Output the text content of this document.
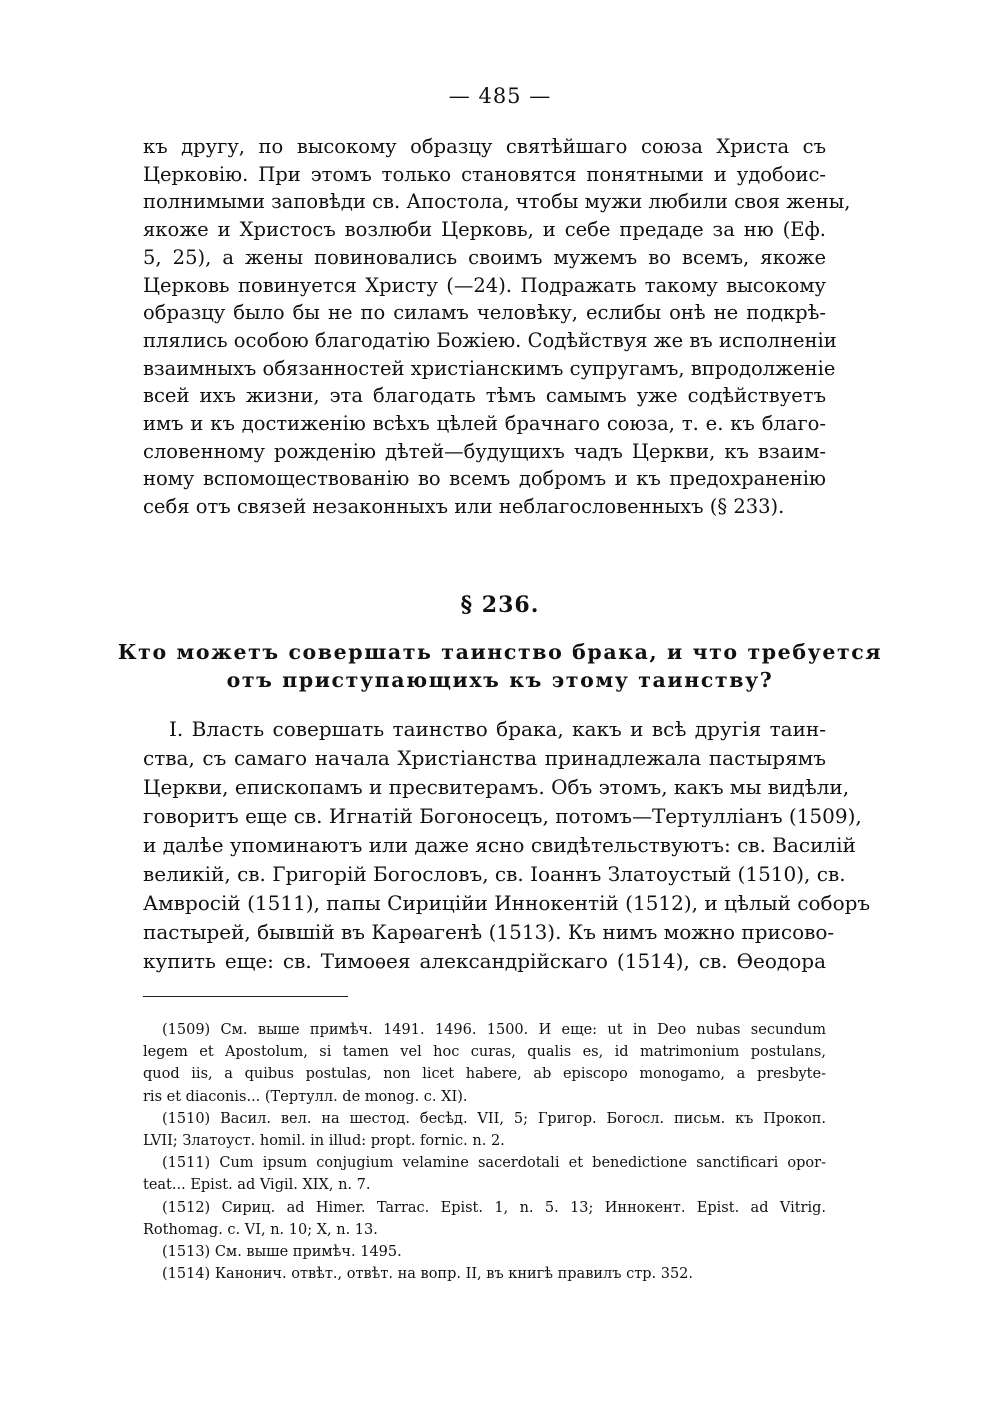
— 485 —
къ другу, по высокому образцу святѣйшаго союза Христа съ
Церковію. При этомъ только становятся понятными и удобоис-
полнимыми заповѣди св. Апостола, чтобы мужи любили своя жены,
якоже и Христосъ возлюби Церковь, и себе предаде за ню (Еф.
5, 25), а жены повиновались своимъ мужемъ во всемъ, якоже
Церковь повинуется Христу (—24). Подражать такому высокому
образцу было бы не по силамъ человѣку, еслибы онѣ не подкрѣ-
плялись особою благодатію Божіею. Содѣйствуя же въ исполненіи
взаимныхъ обязанностей христіанскимъ супругамъ, впродолженіе
всей ихъ жизни, эта благодать тѣмъ самымъ уже содѣйствуетъ
имъ и къ достиженію всѣхъ цѣлей брачнаго союза, т. е. къ благо-
словенному рожденію дѣтей—будущихъ чадъ Церкви, къ взаим-
ному вспомоществованію во всемъ добромъ и къ предохраненію
себя отъ связей незаконныхъ или неблагословенныхъ (§ 233).
§ 236.
Кто можетъ совершать таинство брака, и что требуется
отъ приступающихъ къ этому таинству?
I. Власть совершать таинство брака, какъ и всѣ другія таин-
ства, съ самаго начала Христіанства принадлежала пастырямъ
Церкви, епископамъ и пресвитерамъ. Объ этомъ, какъ мы видѣли,
говоритъ еще св. Игнатій Богоносецъ, потомъ—Тертулліанъ (1509),
и далѣе упоминаютъ или даже ясно свидѣтельствуютъ: св. Василій
великій, св. Григорій Богословъ, св. Іоаннъ Златоустый (1510), св.
Амвросій (1511), папы Сириційи Иннокентій (1512), и цѣлый соборъ
пастырей, бывшій въ Карѳагенѣ (1513). Къ нимъ можно присово-
купить еще: св. Тимоѳея александрійскаго (1514), св. Ѳеодора
(1509) См. выше примѣч. 1491. 1496. 1500. И еще: ut in Deo nubas secundum
legem et Apostolum, si tamen vel hoc curas, qualis es, id matrimonium postulans,
quod iis, a quibus postulas, non licet habere, ab episcopo monogamo, a presbyte-
ris et diaconis... (Тертулл. de monog. c. XI).
(1510) Васил. вел. на шестод. бесѣд. VII, 5; Григор. Богосл. письм. къ Прокоп.
LVII; Златоуст. homil. in illud: propt. fornic. n. 2.
(1511) Cum ipsum conjugium velamine sacerdotali et benedictione sanctificari opor-
teat... Epist. ad Vigil. XIX, n. 7.
(1512) Сириц. ad Himer. Tarrac. Epist. 1, n. 5. 13; Иннокент. Epist. ad Vitrig.
Rothomag. c. VI, n. 10; X, n. 13.
(1513) См. выше примѣч. 1495.
(1514) Канонич. отвѣт., отвѣт. на вопр. II, въ книгѣ правилъ стр. 352.
